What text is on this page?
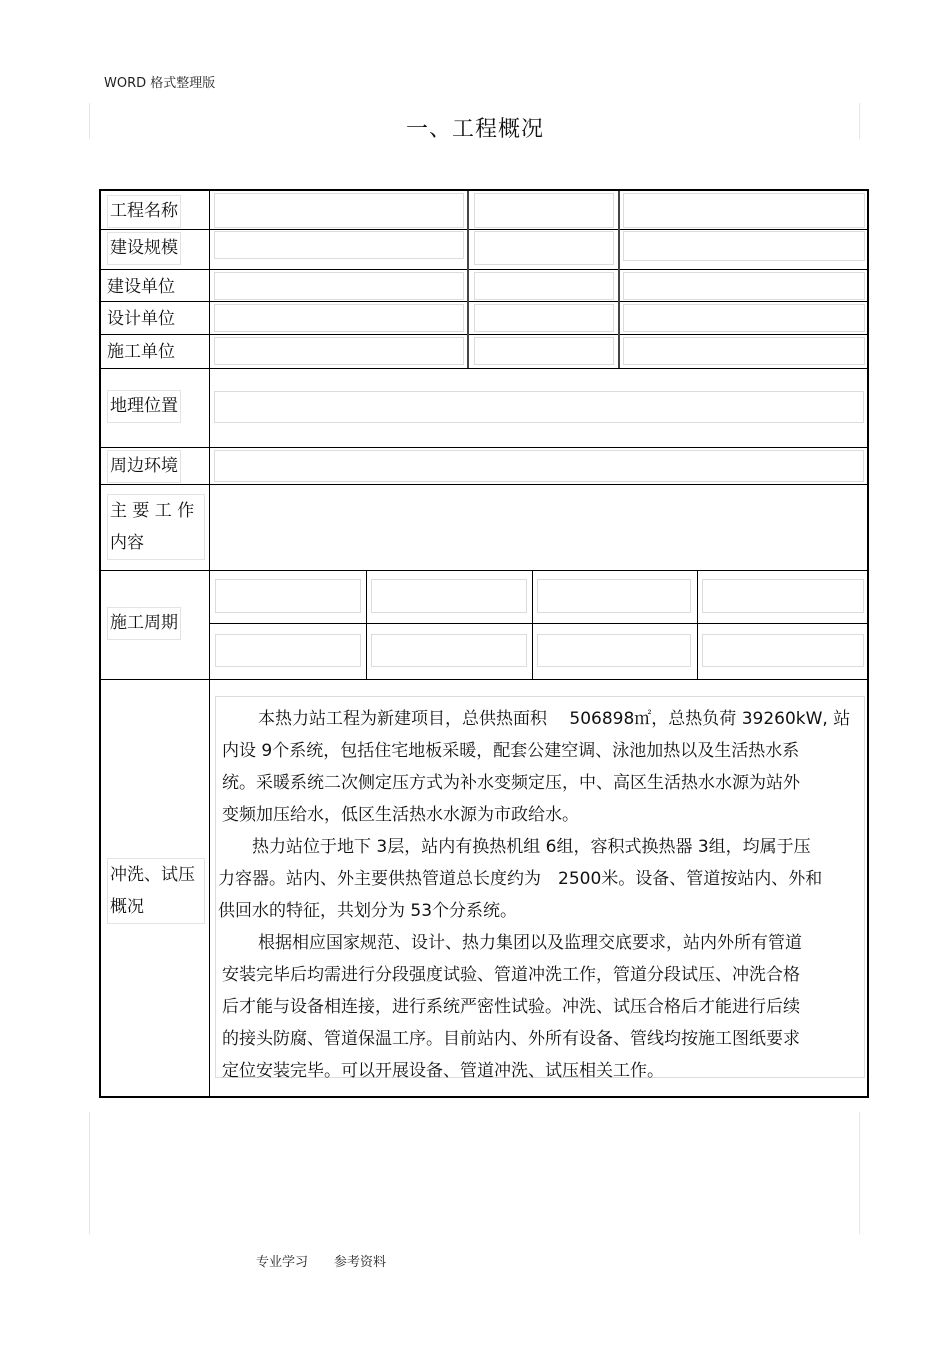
WORD 格式整理版
一、工程概况
工程名称
建设规模
建设单位
设计单位
施工单位
地理位置
周边环境
主 要 工 作
内容
施工周期
冲洗、试压
概况
本热力站工程为新建项目，总供热面积　 506898㎡，总热负荷 39260kW, 站
内设 9个系统，包括住宅地板采暖，配套公建空调、泳池加热以及生活热水系
统。采暖系统二次侧定压方式为补水变频定压，中、高区生活热水水源为站外
变频加压给水，低区生活热水水源为市政给水。
热力站位于地下 3层，站内有换热机组 6组，容积式换热器 3组，均属于压
力容器。站内、外主要供热管道总长度约为　2500米。设备、管道按站内、外和
供回水的特征，共划分为 53个分系统。
根据相应国家规范、设计、热力集团以及监理交底要求，站内外所有管道
安装完毕后均需进行分段强度试验、管道冲洗工作，管道分段试压、冲洗合格
后才能与设备相连接，进行系统严密性试验。冲洗、试压合格后才能进行后续
的接头防腐、管道保温工序。目前站内、外所有设备、管线均按施工图纸要求
定位安装完毕。可以开展设备、管道冲洗、试压相关工作。
专业学习 参考资料
